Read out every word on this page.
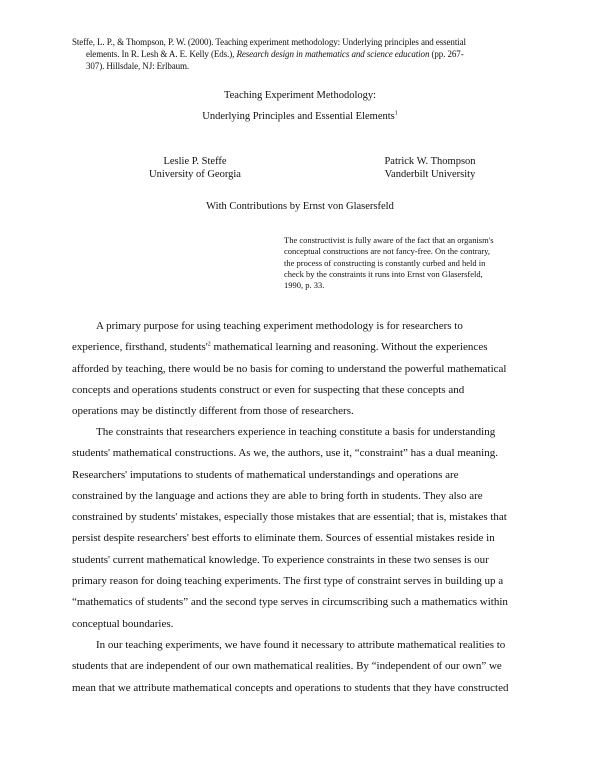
Steffe, L. P., & Thompson, P. W. (2000). Teaching experiment methodology: Underlying principles and essential
elements. In R. Lesh & A. E. Kelly (Eds.), Research design in mathematics and science education (pp. 267-
307). Hillsdale, NJ: Erlbaum.
Teaching Experiment Methodology:
Underlying Principles and Essential Elements$^1$
Leslie P. Steffe
University of Georgia
Patrick W. Thompson
Vanderbilt University
With Contributions by Ernst von Glasersfeld
The constructivist is fully aware of the fact that an organism's
conceptual constructions are not fancy-free. On the contrary,
the process of constructing is constantly curbed and held in
check by the constraints it runs into Ernst von Glasersfeld,
1990, p. 33.
A primary purpose for using teaching experiment methodology is for researchers to
experience, firsthand, $students'^2$ mathematical learning and reasoning. Without the experiences
afforded by teaching, there would be no basis for coming to understand the powerful mathematical
concepts and operations students construct or even for suspecting that these concepts and
operations may be distinctly different from those of researchers.
The constraints that researchers experience in teaching constitute a basis for understanding
students' mathematical constructions. As we, the authors, use it, “constraint” has a dual meaning.
Researchers' imputations to students of mathematical understandings and operations are
constrained by the language and actions they are able to bring forth in students. They also are
constrained by students' mistakes, especially those mistakes that are essential; that is, mistakes that
persist despite researchers' best efforts to eliminate them. Sources of essential mistakes reside in
students' current mathematical knowledge. To experience constraints in these two senses is our
primary reason for doing teaching experiments. The first type of constraint serves in building up a
“mathematics of students” and the second type serves in circumscribing such a mathematics within
conceptual boundaries.
In our teaching experiments, we have found it necessary to attribute mathematical realities to
students that are independent of our own mathematical realities. By “independent of our own” we
mean that we attribute mathematical concepts and operations to students that they have constructed
